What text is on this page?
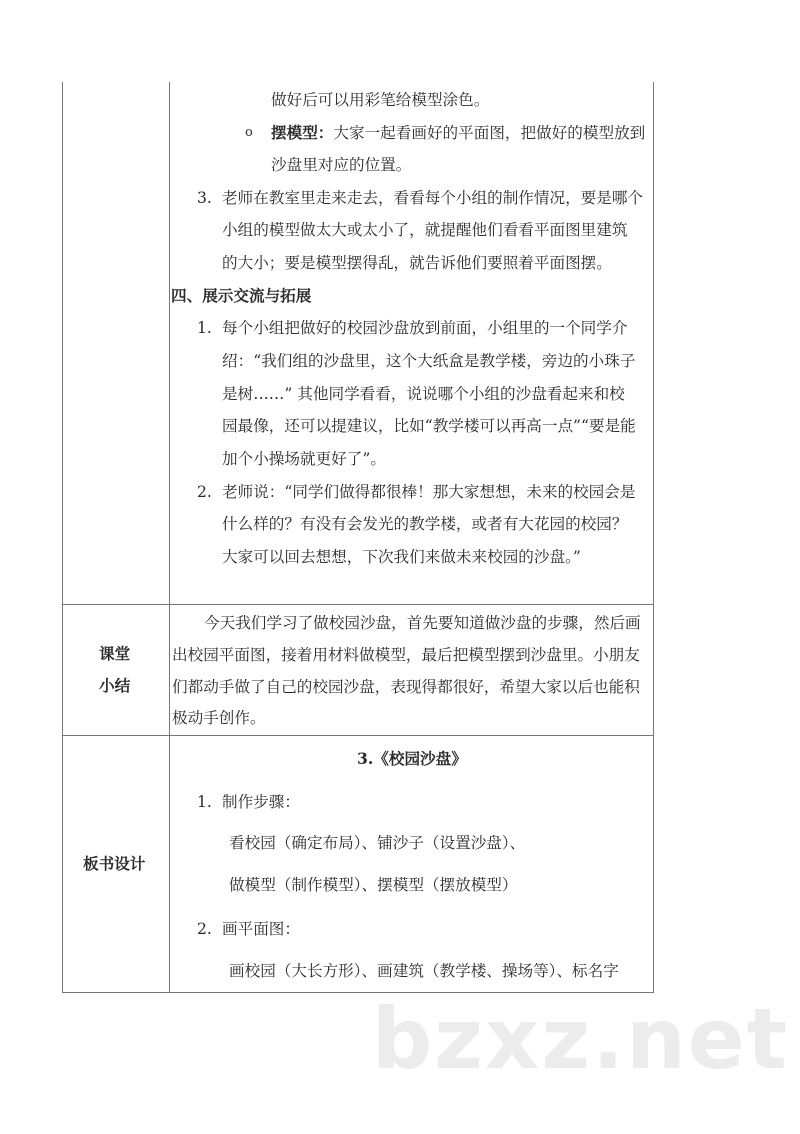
做好后可以用彩笔给模型涂色。
o 摆模型：大家一起看画好的平面图，把做好的模型放到
沙盘里对应的位置。
3. 老师在教室里走来走去，看看每个小组的制作情况，要是哪个
小组的模型做太大或太小了，就提醒他们看看平面图里建筑
的大小；要是模型摆得乱，就告诉他们要照着平面图摆。
四、展示交流与拓展
1. 每个小组把做好的校园沙盘放到前面，小组里的一个同学介
绍：“我们组的沙盘里，这个大纸盒是教学楼，旁边的小珠子
是树……” 其他同学看看，说说哪个小组的沙盘看起来和校
园最像，还可以提建议，比如“教学楼可以再高一点”“要是能
加个小操场就更好了”。
2. 老师说：“同学们做得都很棒！那大家想想，未来的校园会是
什么样的？有没有会发光的教学楼，或者有大花园的校园？
大家可以回去想想，下次我们来做未来校园的沙盘。”
课堂
小结
今天我们学习了做校园沙盘，首先要知道做沙盘的步骤，然后画
出校园平面图，接着用材料做模型，最后把模型摆到沙盘里。小朋友
们都动手做了自己的校园沙盘，表现得都很好，希望大家以后也能积
极动手创作。
板书设计
3.《校园沙盘》
1. 制作步骤：
看校园（确定布局）、铺沙子（设置沙盘）、
做模型（制作模型）、摆模型（摆放模型）
2. 画平面图：
画校园（大长方形）、画建筑（教学楼、操场等）、标名字
bzxz.net
